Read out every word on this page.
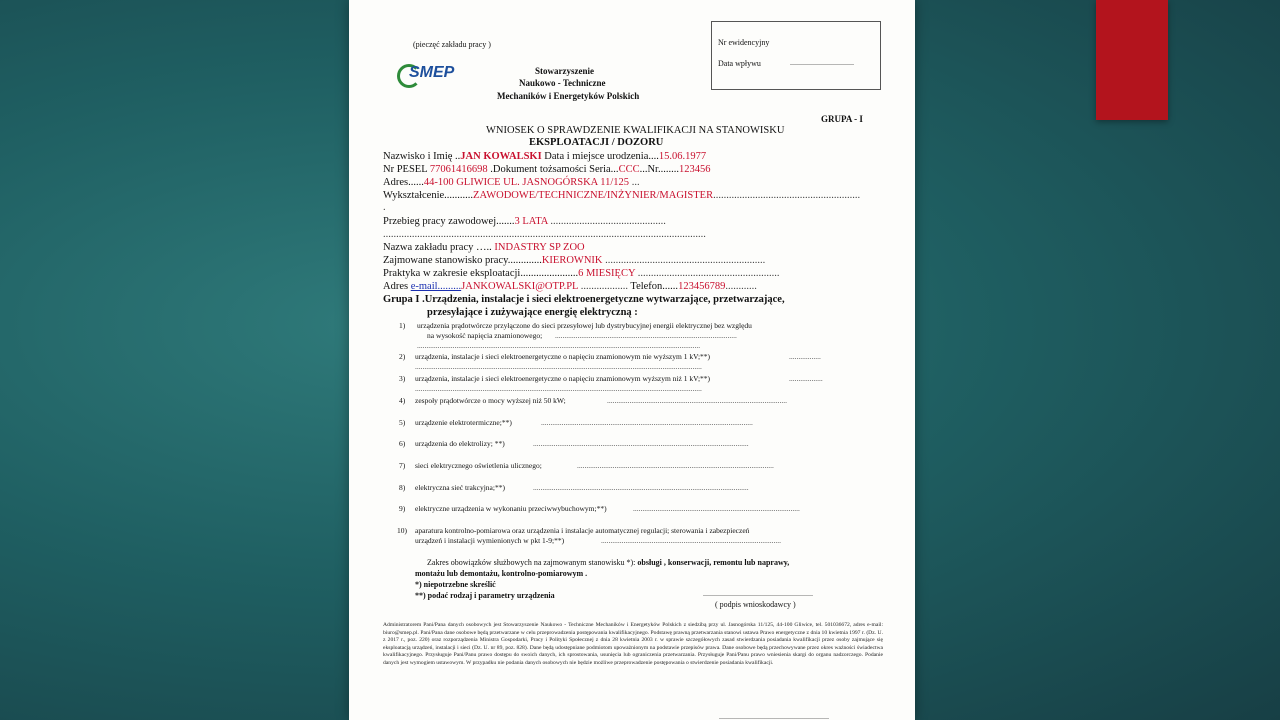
(pieczęć zakładu pracy )	Nr ewidencyjny
Data wpływu	................................
SMEP	Stowarzyszenie
Naukowo - Techniczne
Mechaników i Energetyków Polskich
GRUPA - I
WNIOSEK O SPRAWDZENIE KWALIFIKACJI NA STANOWISKU
EKSPLOATACJI / DOZORU
Nazwisko i Imię ..JAN KOWALSKI Data i miejsce urodzenia....15.06.1977
Nr PESEL 77061416698 .Dokument tożsamości Seria...CCC...Nr........123456
Adres......44-100 GLIWICE UL. JASNOGÓRSKA 11/125 ...
Wykształcenie...........ZAWODOWE/TECHNICZNE/INŻYNIER/MAGISTER........................................................
.
Przebieg pracy zawodowej.......3 LATA ............................................
...........................................................................................................................
Nazwa zakładu pracy ….. INDASTRY SP ZOO
Zajmowane stanowisko pracy.............KIEROWNIK .............................................................
Praktyka w zakresie eksploatacji......................6 MIESIĘCY ......................................................
Adres e-mail.........JANKOWALSKI@OTP.PL .................. Telefon......123456789............
Grupa I .Urządzenia, instalacje i sieci elektroenergetyczne wytwarzające, przetwarzające,
przesyłające i zużywające energię elektryczną :
1) urządzenia prądotwórcze przyłączone do sieci przesyłowej lub dystrybucyjnej energii elektrycznej bez względu
na wysokość napięcia znamionowego; .................................................................................................
.......................................................................................................................................................
2) urządzenia, instalacje i sieci elektroenergetyczne o napięciu znamionowym nie wyższym 1 kV;**)	.................
.........................................................................................................................................................
3) urządzenia, instalacje i sieci elektroenergetyczne o napięciu znamionowym wyższym niż 1 kV;**)	..................
.........................................................................................................................................................
4) zespoły prądotwórcze o mocy wyższej niż 50 kW;	................................................................................................
5) urządzenie elektrotermiczne;**)	.................................................................................................................
6) urządzenia do elektrolizy; **)	...................................................................................................................
7) sieci elektrycznego oświetlenia ulicznego;	.........................................................................................................
8) elektryczna sieć trakcyjna;**)	...................................................................................................................
9) elektryczne urządzenia w wykonaniu przeciwwybuchowym;**)	.........................................................................................
10) aparatura kontrolno-pomiarowa oraz urządzenia i instalacje automatycznej regulacji; sterowania i zabezpieczeń
urządzeń i instalacji wymienionych w pkt 1-9;**)	................................................................................................
Zakres obowiązków służbowych na zajmowanym stanowisku *): obsługi , konserwacji, remontu lub naprawy,
montażu lub demontażu, kontrolno-pomiarowym .
*) niepotrzebne skreślić
**) podać rodzaj i parametry urządzenia	.......................................................
( podpis wnioskodawcy )
Administratorem Pani/Pana danych osobowych jest Stowarzyszenie Naukowo - Techniczne Mechaników i Energetyków Polskich z siedzibą przy ul. Jasnogórska 11/125, 44-100 Gliwice, tel. 501036672, adres e-mail: biuro@smep.pl. Pani/Pana dane osobowe będą przetwarzane w celu przeprowadzenia postępowania kwalifikacyjnego. Podstawę prawną przetwarzania stanowi ustawa Prawo energetyczne z dnia 10 kwietnia 1997 r. (Dz. U. z 2017 r., poz. 220) oraz rozporządzenia Ministra Gospodarki, Pracy i Polityki Społecznej z dnia 28 kwietnia 2003 r. w sprawie szczegółowych zasad stwierdzania posiadania kwalifikacji przez osoby zajmujące się eksploatacją urządzeń, instalacji i sieci (Dz. U. nr 89, poz. 828). Dane będą udostępniane podmiotom upoważnionym na podstawie przepisów prawa. Dane osobowe będą przechowywane przez okres ważności świadectwa kwalifikacyjnego. Przysługuje Pani/Panu prawo dostępu do swoich danych, ich sprostowania, usunięcia lub ograniczenia przetwarzania. Przysługuje Pani/Panu prawo wniesienia skargi do organu nadzorczego. Podanie danych jest wymogiem ustawowym. W przypadku nie podania danych osobowych nie będzie możliwe przeprowadzenie postępowania o stwierdzenie posiadania kwalifikacji.
.......................................................
